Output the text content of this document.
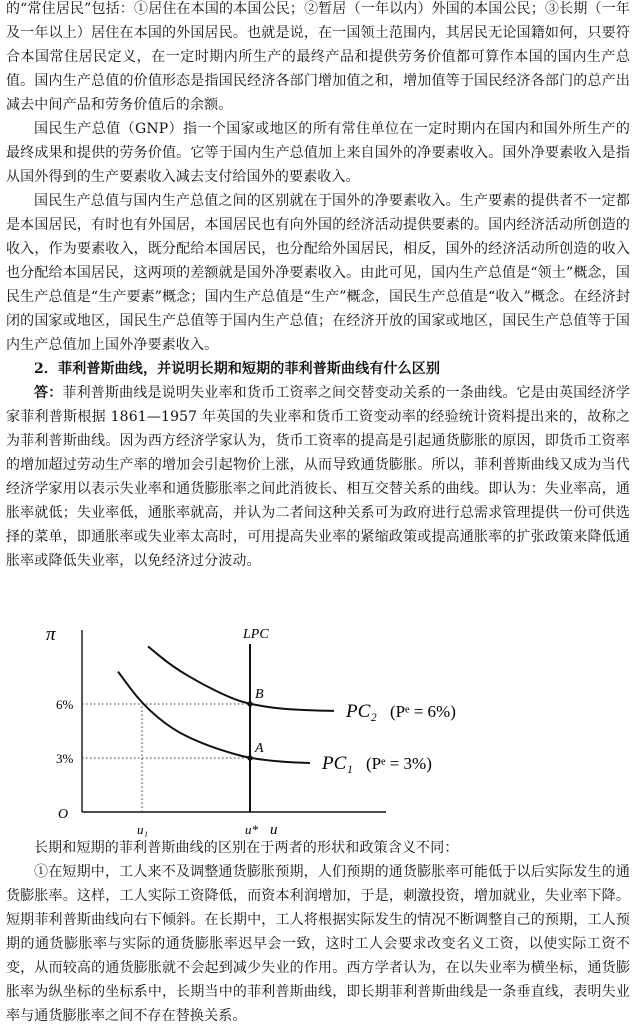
的“常住居民”包括：①居住在本国的本国公民；②暂居（一年以内）外国的本国公民；③长期（一年及一年以上）居住在本国的外国居民。也就是说，在一国领土范围内，其居民无论国籍如何，只要符合本国常住居民定义，在一定时期内所生产的最终产品和提供劳务价值都可算作本国的国内生产总值。国内生产总值的价值形态是指国民经济各部门增加值之和，增加值等于国民经济各部门的总产出减去中间产品和劳务价值后的余额。
国民生产总值（GNP）指一个国家或地区的所有常住单位在一定时期内在国内和国外所生产的最终成果和提供的劳务价值。它等于国内生产总值加上来自国外的净要素收入。国外净要素收入是指从国外得到的生产要素收入减去支付给国外的要素收入。
国民生产总值与国内生产总值之间的区别就在于国外的净要素收入。生产要素的提供者不一定都是本国居民，有时也有外国居，本国居民也有向外国的经济活动提供要素的。国内经济活动所创造的收入，作为要素收入，既分配给本国居民，也分配给外国居民，相反，国外的经济活动所创造的收入也分配给本国居民，这两项的差额就是国外净要素收入。由此可见，国内生产总值是“领土”概念，国民生产总值是“生产要素”概念；国内生产总值是“生产”概念，国民生产总值是“收入”概念。在经济封闭的国家或地区，国民生产总值等于国内生产总值；在经济开放的国家或地区，国民生产总值等于国内生产总值加上国外净要素收入。
2．菲利普斯曲线，并说明长期和短期的菲利普斯曲线有什么区别
答：菲利普斯曲线是说明失业率和货币工资率之间交替变动关系的一条曲线。它是由英国经济学家菲利普斯根据 1861—1957 年英国的失业率和货币工资变动率的经验统计资料提出来的，故称之为菲利普斯曲线。因为西方经济学家认为，货币工资率的提高是引起通货膨胀的原因，即货币工资率的增加超过劳动生产率的增加会引起物价上涨，从而导致通货膨胀。所以，菲利普斯曲线又成为当代经济学家用以表示失业率和通货膨胀率之间此消彼长、相互交替关系的曲线。即认为：失业率高，通胀率就低；失业率低，通胀率就高，并认为二者间这种关系可为政府进行总需求管理提供一份可供选择的菜单，即通胀率或失业率太高时，可用提高失业率的紧缩政策或提高通胀率的扩张政策来降低通胀率或降低失业率，以免经济过分波动。
π
u
O
LPC
6%
3%
u₁	u*
PC₂ (Pᵉ = 6%)
PC₁ (Pᵉ = 3%)
B
A
长期和短期的菲利普斯曲线的区别在于两者的形状和政策含义不同：
①在短期中，工人来不及调整通货膨胀预期，人们预期的通货膨胀率可能低于以后实际发生的通货膨胀率。这样，工人实际工资降低，而资本利润增加，于是，刺激投资，增加就业，失业率下降。短期菲利普斯曲线向右下倾斜。在长期中，工人将根据实际发生的情况不断调整自己的预期，工人预期的通货膨胀率与实际的通货膨胀率迟早会一致，这时工人会要求改变名义工资，以使实际工资不变，从而较高的通货膨胀就不会起到减少失业的作用。西方学者认为，在以失业率为横坐标，通货膨胀率为纵坐标的坐标系中，长期当中的菲利普斯曲线，即长期菲利普斯曲线是一条垂直线，表明失业率与通货膨胀率之间不存在替换关系。
